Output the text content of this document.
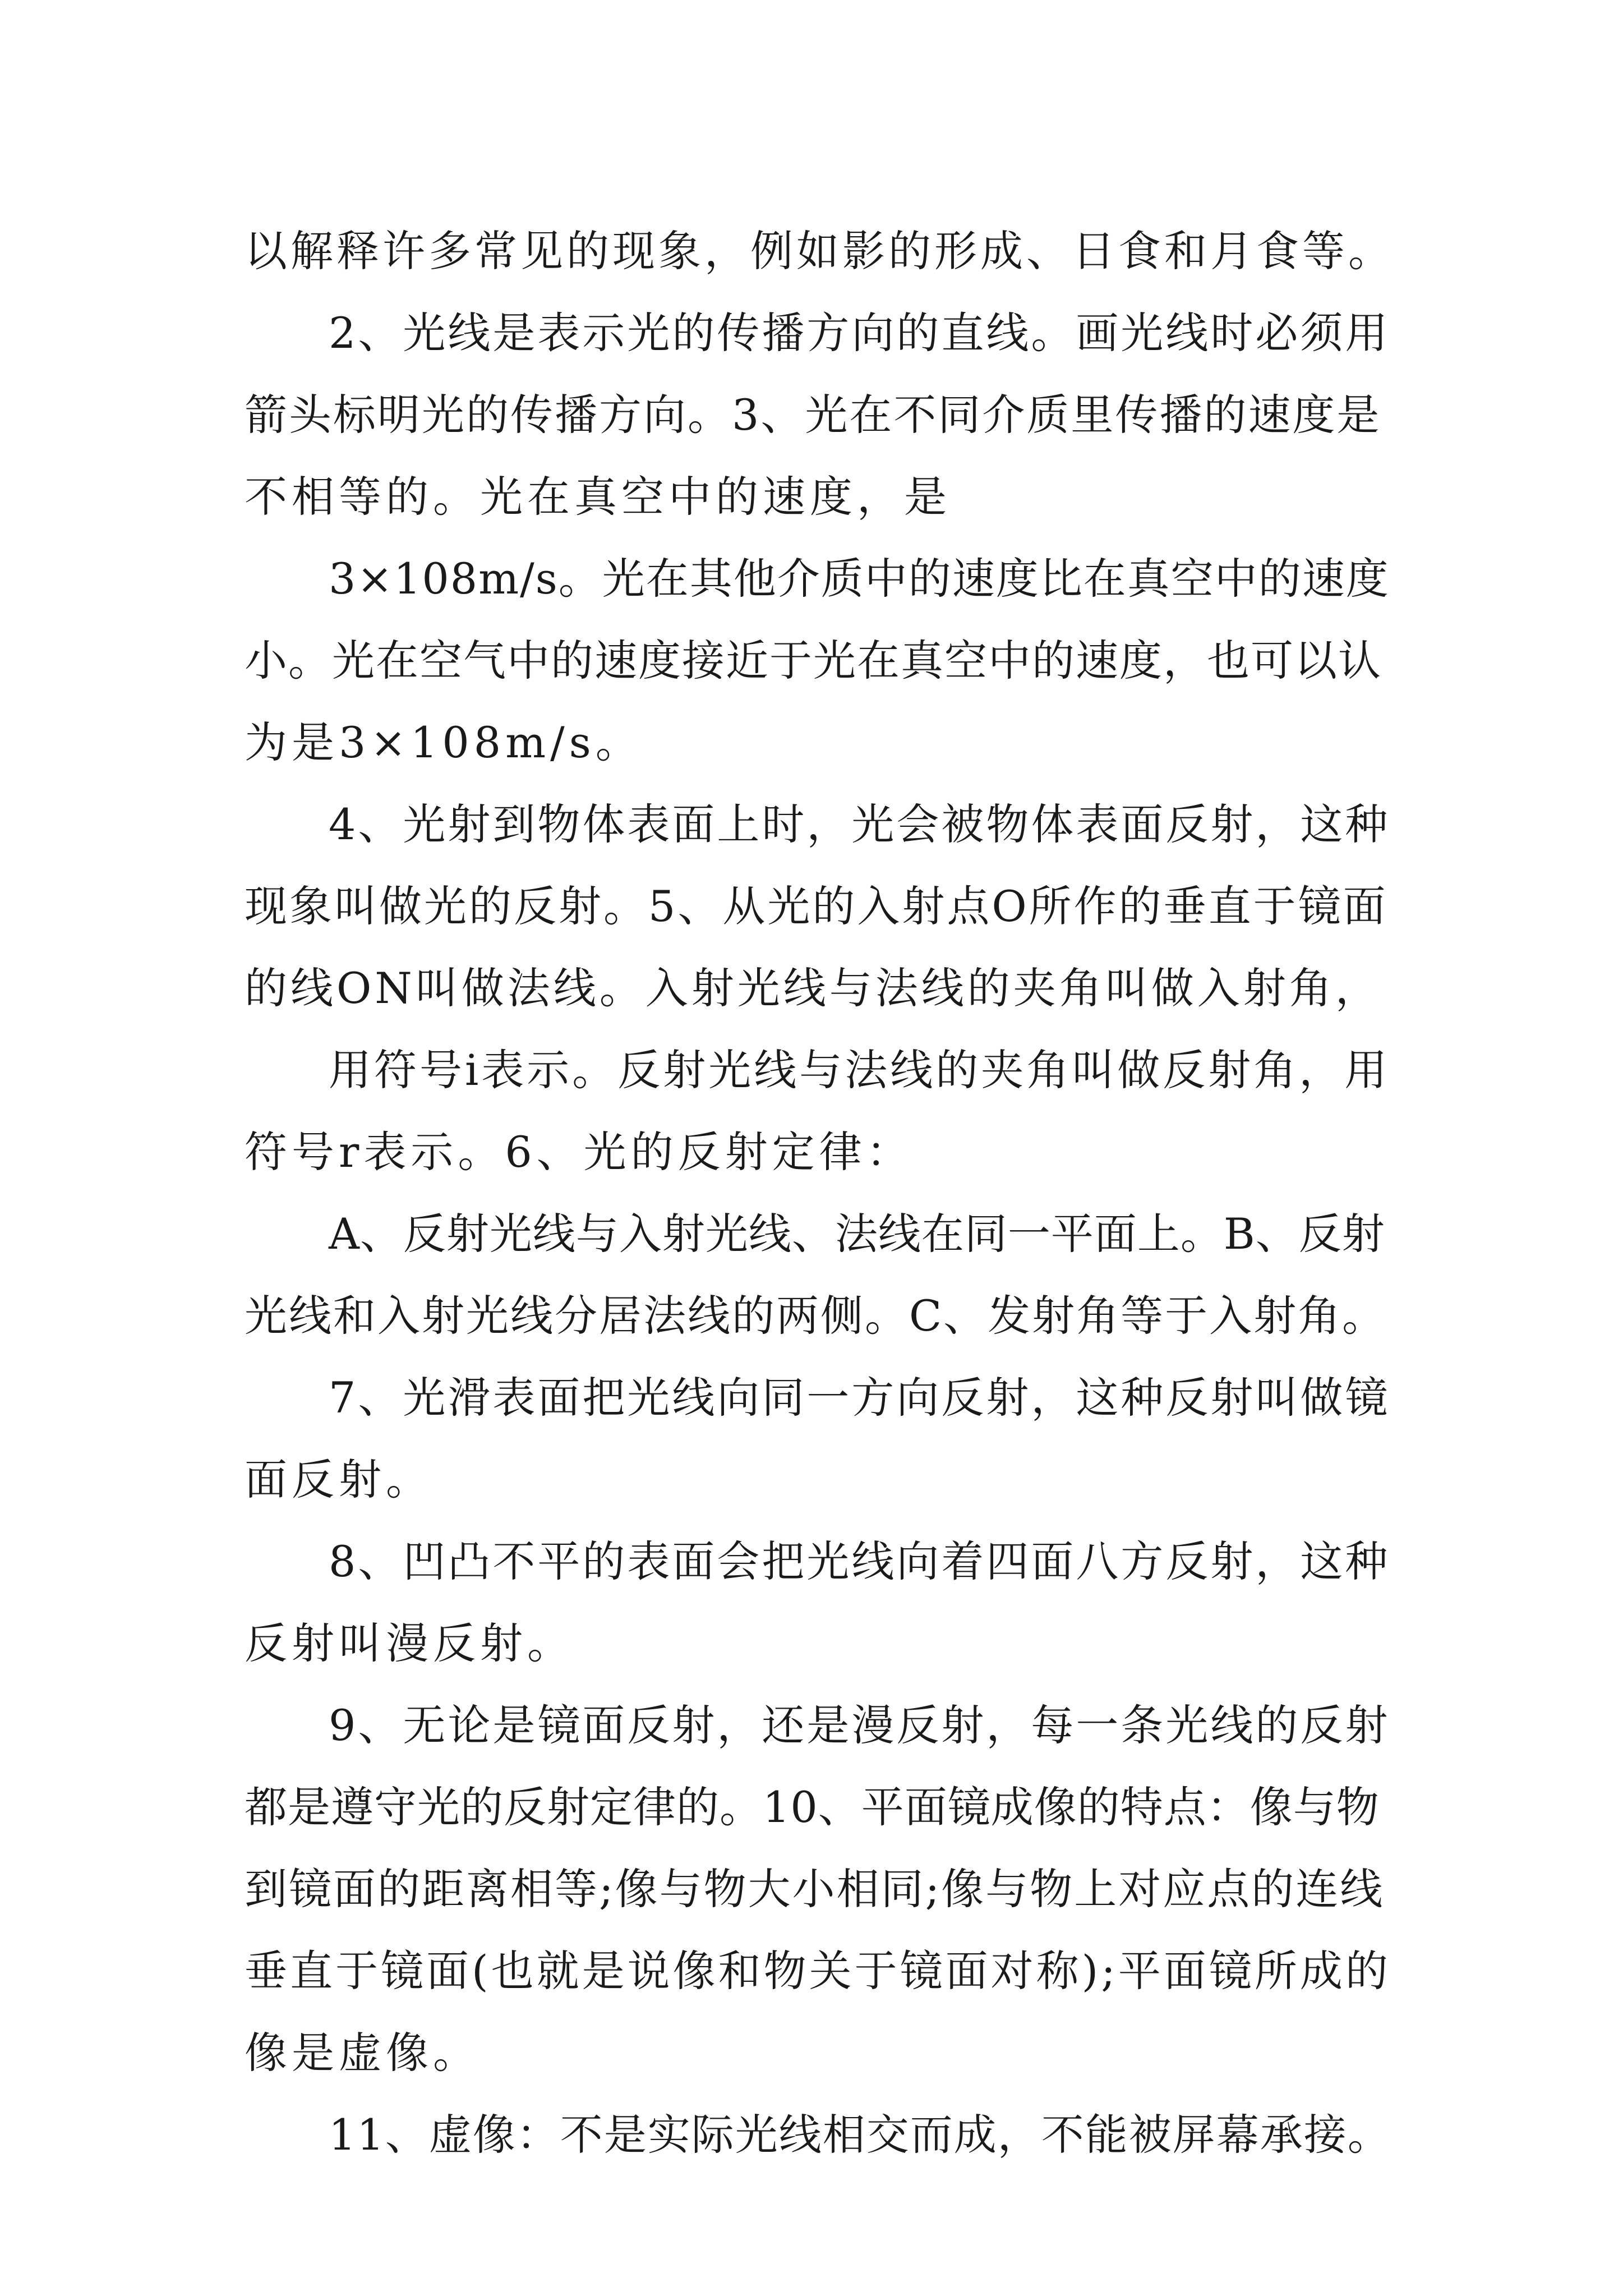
以解释许多常见的现象，例如影的形成、日食和月食等。
2、光线是表示光的传播方向的直线。画光线时必须用
箭头标明光的传播方向。3、光在不同介质里传播的速度是
不相等的。光在真空中的速度，是
3×108m/s。光在其他介质中的速度比在真空中的速度
小。光在空气中的速度接近于光在真空中的速度，也可以认
为是3×108m/s。
4、光射到物体表面上时，光会被物体表面反射，这种
现象叫做光的反射。5、从光的入射点O所作的垂直于镜面
的线ON叫做法线。入射光线与法线的夹角叫做入射角，
用符号i表示。反射光线与法线的夹角叫做反射角，用
符号r表示。6、光的反射定律：
A、反射光线与入射光线、法线在同一平面上。B、反射
光线和入射光线分居法线的两侧。C、发射角等于入射角。
7、光滑表面把光线向同一方向反射，这种反射叫做镜
面反射。
8、凹凸不平的表面会把光线向着四面八方反射，这种
反射叫漫反射。
9、无论是镜面反射，还是漫反射，每一条光线的反射
都是遵守光的反射定律的。10、平面镜成像的特点：像与物
到镜面的距离相等;像与物大小相同;像与物上对应点的连线
垂直于镜面(也就是说像和物关于镜面对称);平面镜所成的
像是虚像。
11、虚像：不是实际光线相交而成，不能被屏幕承接。
